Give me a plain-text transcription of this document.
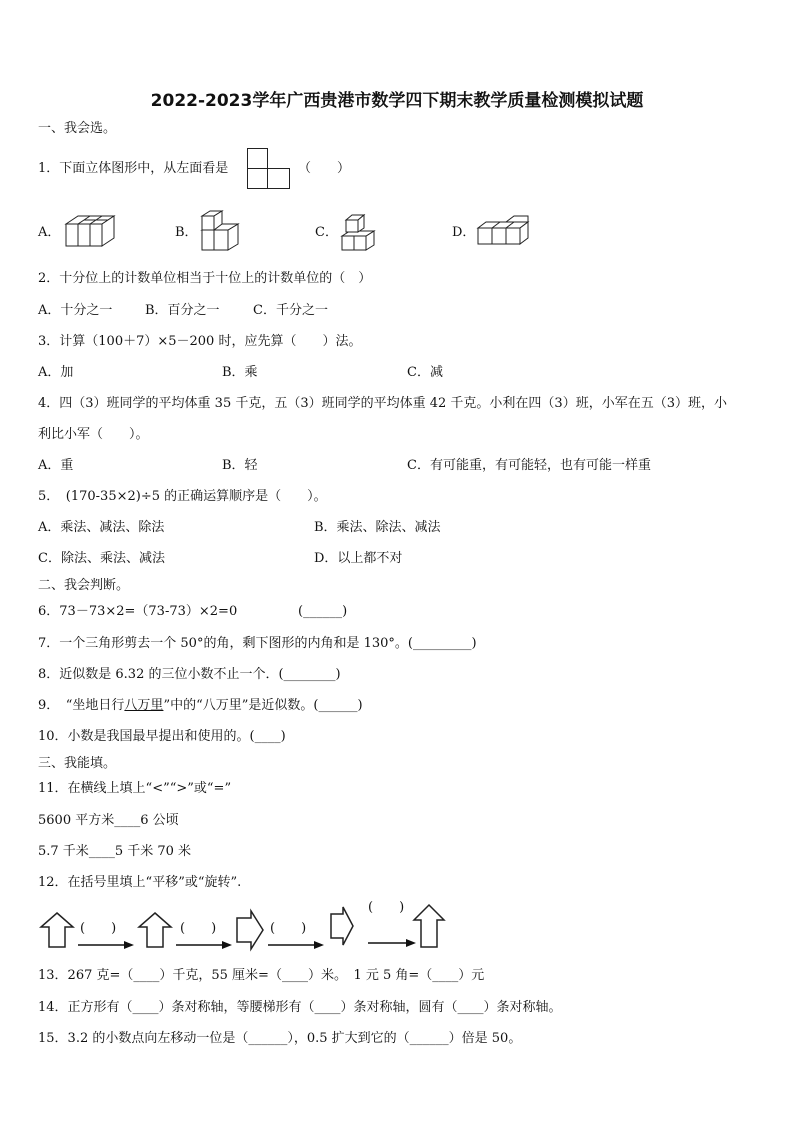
2022-2023学年广西贵港市数学四下期末教学质量检测模拟试题
一、我会选。
1．下面立体图形中，从左面看是	（　　）
A．	B．	C．	D．
2．十分位上的计数单位相当于十位上的计数单位的（　）
A．十分之一	B．百分之一	C．千分之一
3．计算（100＋7）×5－200 时，应先算（　　）法。
A．加	B．乘	C．减
4．四（3）班同学的平均体重 35 千克，五（3）班同学的平均体重 42 千克。小利在四（3）班，小军在五（3）班，小
利比小军（　　）。
A．重	B．轻	C．有可能重，有可能轻，也有可能一样重
5．　(170-35×2)÷5 的正确运算顺序是（　　）。
A．乘法、减法、除法	B．乘法、除法、减法
C．除法、乘法、减法	D．以上都不对
二、我会判断。
6．73－73×2=（73-73）×2=0	(______)
7．一个三角形剪去一个 50°的角，剩下图形的内角和是 130°。(_________)
8．近似数是 6.32 的三位小数不止一个．(________)
9．　“坐地日行八万里”中的“八万里”是近似数。(______)
10．小数是我国最早提出和使用的。(____)
三、我能填。
11．在横线上填上“<”“>”或“=”
5600 平方米____6 公顷
5.7 千米____5 千米 70 米
12．在括号里填上“平移”或“旋转”.
(　　)	(　　)	(　　)
(　　)
13．267 克=（____）千克，55 厘米=（____）米。　1 元 5 角=（____）元
14．正方形有（____）条对称轴，等腰梯形有（____）条对称轴，圆有（____）条对称轴。
15．3.2 的小数点向左移动一位是（______），0.5 扩大到它的（______）倍是 50。
